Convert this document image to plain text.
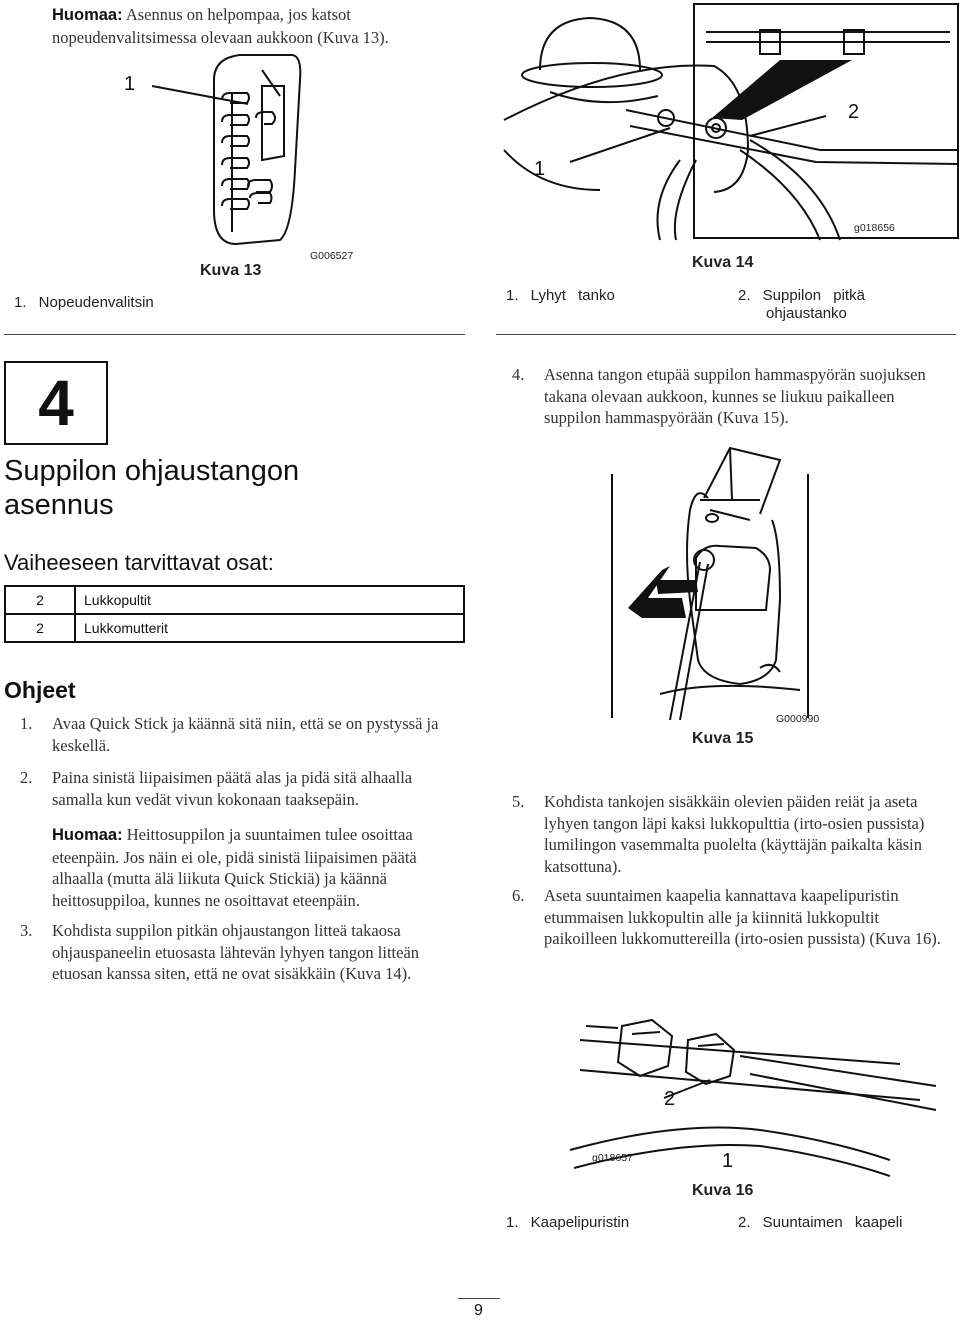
Huomaa: Asennus on helpompaa, jos katsot nopeudenvalitsimessa olevaan aukkoon (Kuva 13).
1
Kuva 13
G006527
1. Nopeudenvalitsin
2
1
g018656
Kuva 14
1. Lyhyt tanko	2. Suppilon pitkä
ohjaustanko
4
Suppilon ohjaustangon
asennus
Vaiheeseen tarvittavat osat:
2	Lukkopultit
2	Lukkomutterit
Ohjeet
1. Avaa Quick Stick ja käännä sitä niin, että se on pystyssä ja keskellä.
2. Paina sinistä liipaisimen päätä alas ja pidä sitä alhaalla samalla kun vedät vivun kokonaan taaksepäin.
Huomaa: Heittosuppilon ja suuntaimen tulee osoittaa eteenpäin. Jos näin ei ole, pidä sinistä liipaisimen päätä alhaalla (mutta älä liikuta Quick Stickiä) ja käännä heittosuppiloa, kunnes ne osoittavat eteenpäin.
3. Kohdista suppilon pitkän ohjaustangon litteä takaosa ohjauspaneelin etuosasta lähtevän lyhyen tangon litteän etuosan kanssa siten, että ne ovat sisäkkäin (Kuva 14).
4. Asenna tangon etupää suppilon hammaspyörän suojuksen takana olevaan aukkoon, kunnes se liukuu paikalleen suppilon hammaspyörään (Kuva 15).
G000990
Kuva 15
5. Kohdista tankojen sisäkkäin olevien päiden reiät ja aseta lyhyen tangon läpi kaksi lukkopulttia (irto-osien pussista) lumilingon vasemmalta puolelta (käyttäjän paikalta käsin katsottuna).
6. Aseta suuntaimen kaapelia kannattava kaapelipuristin etummaisen lukkopultin alle ja kiinnitä lukkopultit paikoilleen lukkomuttereilla (irto-osien pussista) (Kuva 16).
2
g018657	1
Kuva 16
1. Kaapelipuristin	2. Suuntaimen kaapeli
9
